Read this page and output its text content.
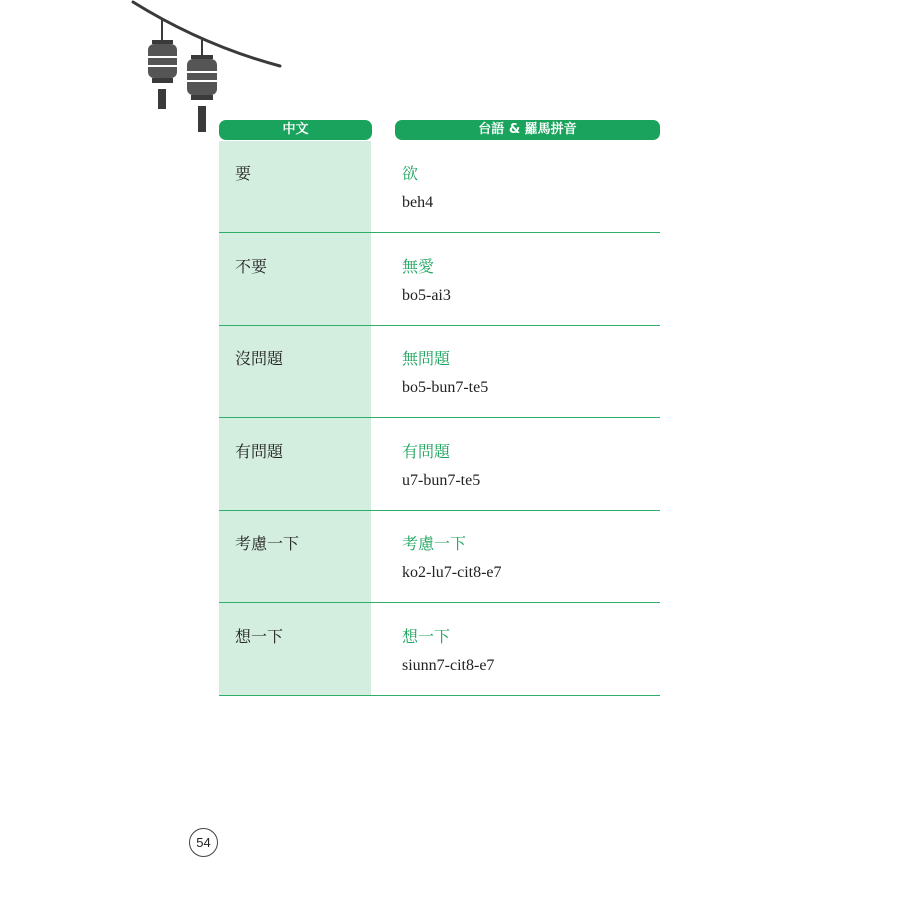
中文	台語 & 羅馬拼音
要	欲
beh4
不要	無愛
bo5-ai3
沒問題	無問題
bo5-bun7-te5
有問題	有問題
u7-bun7-te5
考慮一下	考慮一下
ko2-lu7-cit8-e7
想一下	想一下
siunn7-cit8-e7
54
